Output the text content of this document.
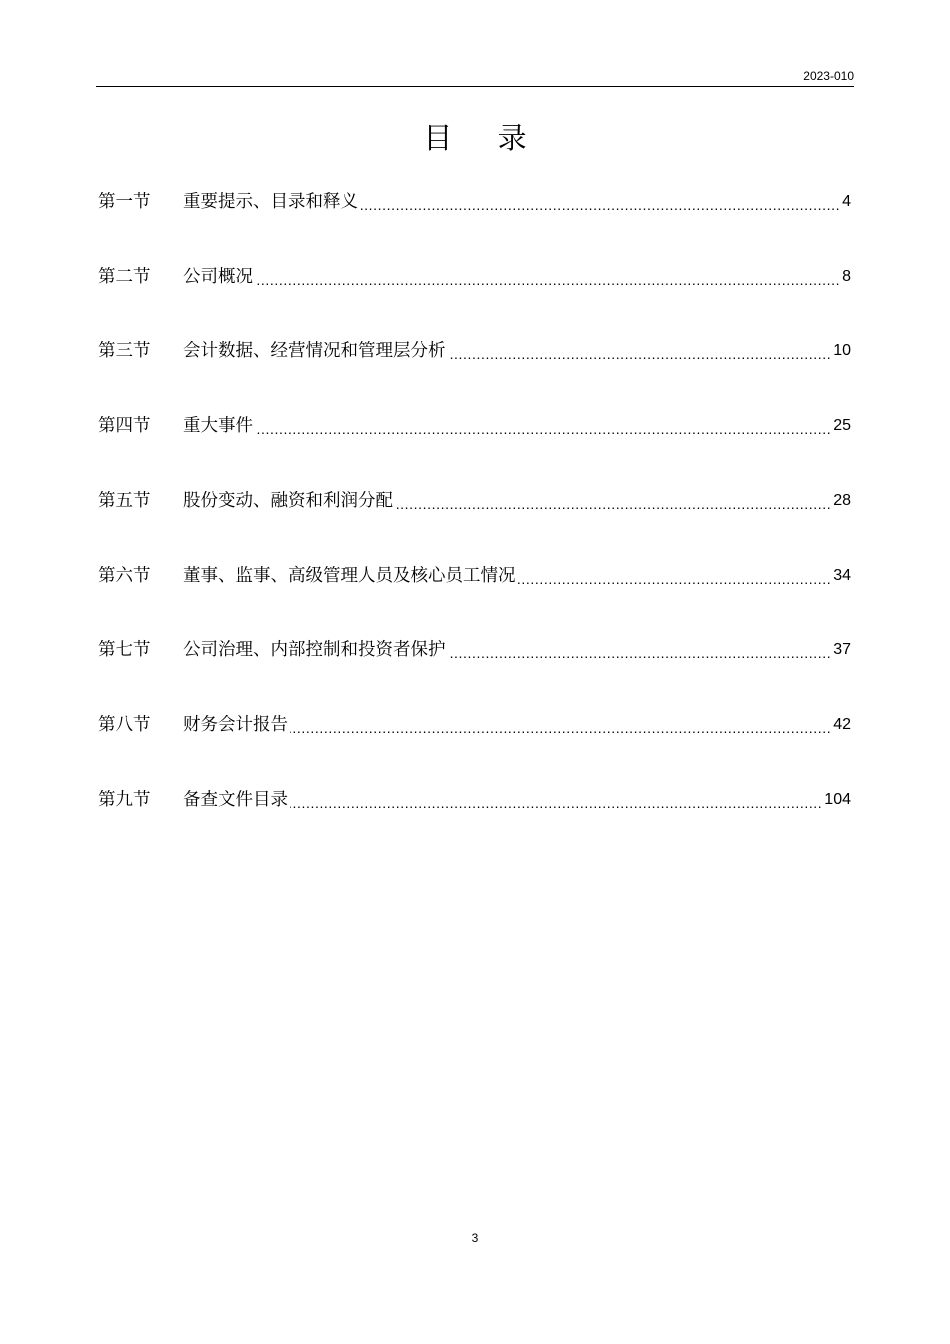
2023-010
目 录
第一节	重要提示、目录和释义 .....	4
第二节	公司概况 .....	8
第三节	会计数据、经营情况和管理层分析 .....	10
第四节	重大事件 .....	25
第五节	股份变动、融资和利润分配 .....	28
第六节	董事、监事、高级管理人员及核心员工情况 .....	34
第七节	公司治理、内部控制和投资者保护 .....	37
第八节	财务会计报告 .....	42
第九节	备查文件目录 .....	104
3
